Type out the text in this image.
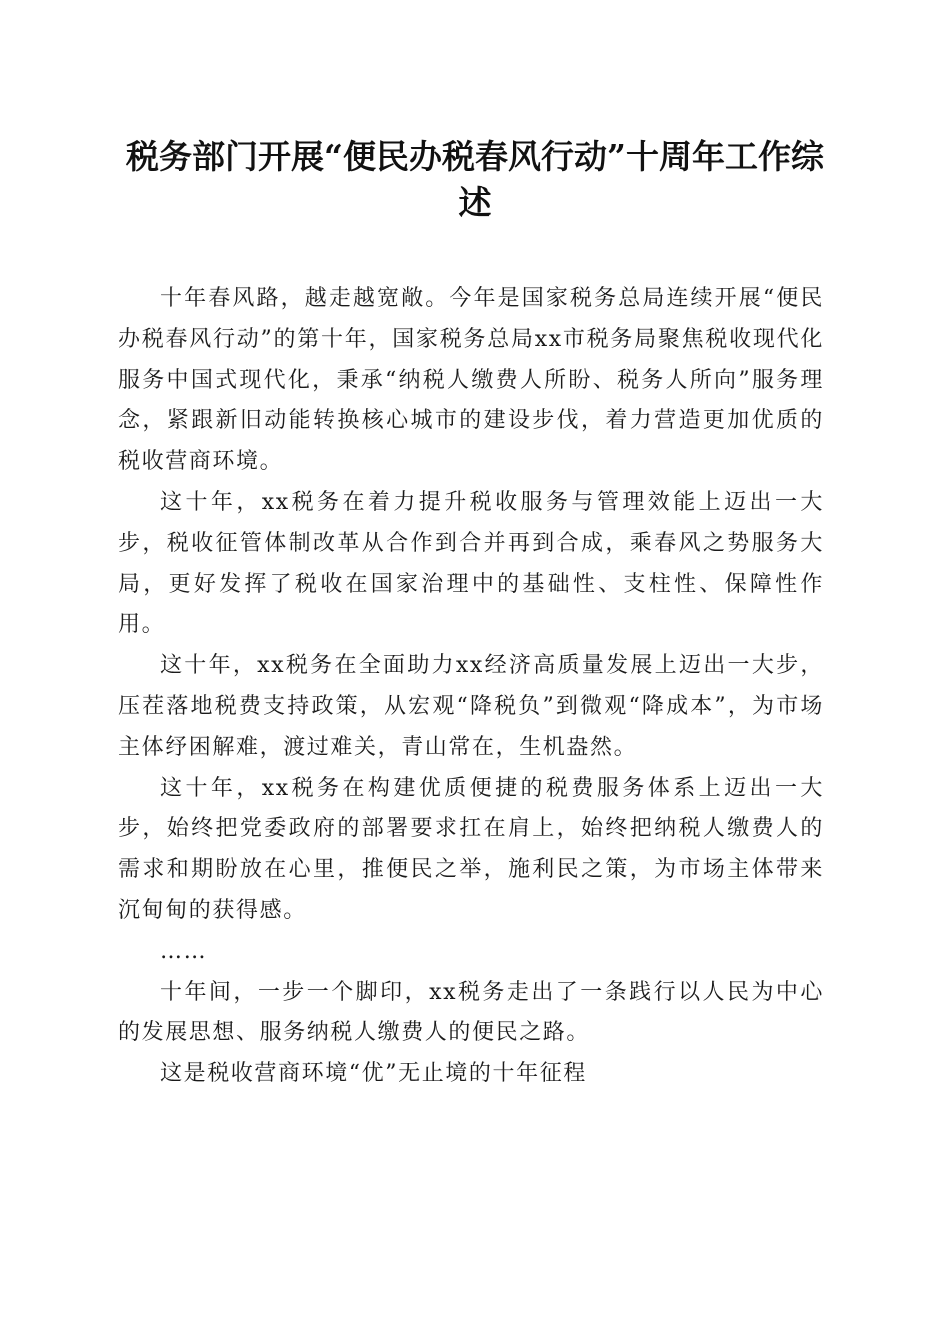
税务部门开展“便民办税春风行动”十周年工作综述

十年春风路，越走越宽敞。今年是国家税务总局连续开展“便民办税春风行动”的第十年，国家税务总局xx市税务局聚焦税收现代化服务中国式现代化，秉承“纳税人缴费人所盼、税务人所向”服务理念，紧跟新旧动能转换核心城市的建设步伐，着力营造更加优质的税收营商环境。

这十年，xx税务在着力提升税收服务与管理效能上迈出一大步，税收征管体制改革从合作到合并再到合成，乘春风之势服务大局，更好发挥了税收在国家治理中的基础性、支柱性、保障性作用。

这十年，xx税务在全面助力xx经济高质量发展上迈出一大步，压茬落地税费支持政策，从宏观“降税负”到微观“降成本”，为市场主体纾困解难，渡过难关，青山常在，生机盎然。

这十年，xx税务在构建优质便捷的税费服务体系上迈出一大步，始终把党委政府的部署要求扛在肩上，始终把纳税人缴费人的需求和期盼放在心里，推便民之举，施利民之策，为市场主体带来沉甸甸的获得感。

……

十年间，一步一个脚印，xx税务走出了一条践行以人民为中心的发展思想、服务纳税人缴费人的便民之路。

这是税收营商环境“优”无止境的十年征程
